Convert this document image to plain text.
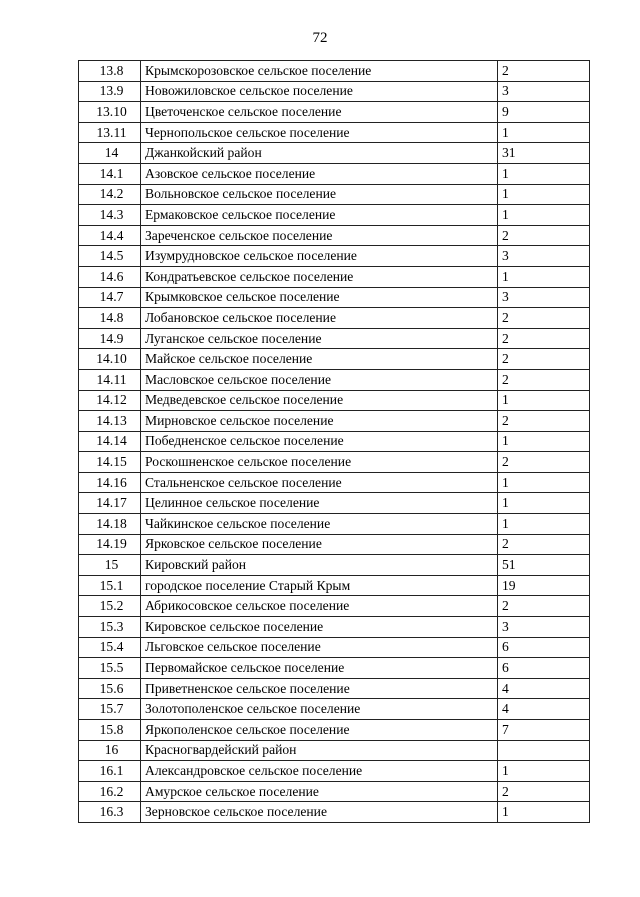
72
13.8	Крымскорозовское сельское поселение	2
13.9	Новожиловское сельское поселение	3
13.10	Цветоченское сельское поселение	9
13.11	Чернопольское сельское поселение	1
14	Джанкойский район	31
14.1	Азовское сельское поселение	1
14.2	Вольновское сельское поселение	1
14.3	Ермаковское сельское поселение	1
14.4	Зареченское сельское поселение	2
14.5	Изумрудновское сельское поселение	3
14.6	Кондратьевское сельское поселение	1
14.7	Крымковское сельское поселение	3
14.8	Лобановское сельское поселение	2
14.9	Луганское сельское поселение	2
14.10	Майское сельское поселение	2
14.11	Масловское сельское поселение	2
14.12	Медведевское сельское поселение	1
14.13	Мирновское сельское поселение	2
14.14	Победненское сельское поселение	1
14.15	Роскошненское сельское поселение	2
14.16	Стальненское сельское поселение	1
14.17	Целинное сельское поселение	1
14.18	Чайкинское сельское поселение	1
14.19	Ярковское сельское поселение	2
15	Кировский район	51
15.1	городское поселение Старый Крым	19
15.2	Абрикосовское сельское поселение	2
15.3	Кировское сельское поселение	3
15.4	Льговское сельское поселение	6
15.5	Первомайское сельское поселение	6
15.6	Приветненское сельское поселение	4
15.7	Золотополенское сельское поселение	4
15.8	Яркополенское сельское поселение	7
16	Красногвардейский район	
16.1	Александровское сельское поселение	1
16.2	Амурское сельское поселение	2
16.3	Зерновское сельское поселение	1
